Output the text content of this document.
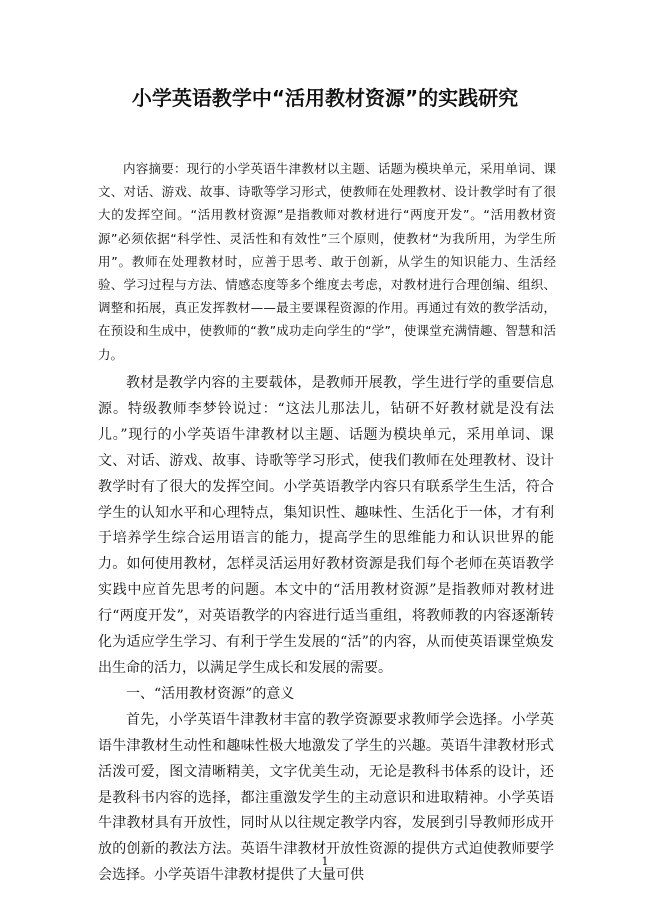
小学英语教学中“活用教材资源”的实践研究

内容摘要：现行的小学英语牛津教材以主题、话题为模块单元，采用单词、课文、对话、游戏、故事、诗歌等学习形式，使教师在处理教材、设计教学时有了很大的发挥空间。“活用教材资源”是指教师对教材进行“两度开发”。“活用教材资源”必须依据“科学性、灵活性和有效性”三个原则，使教材“为我所用，为学生所用”。教师在处理教材时，应善于思考、敢于创新，从学生的知识能力、生活经验、学习过程与方法、情感态度等多个维度去考虑，对教材进行合理创编、组织、调整和拓展，真正发挥教材——最主要课程资源的作用。再通过有效的教学活动，在预设和生成中，使教师的“教”成功走向学生的“学”，使课堂充满情趣、智慧和活力。

教材是教学内容的主要载体，是教师开展教，学生进行学的重要信息源。特级教师李梦铃说过：“这法儿那法儿，钻研不好教材就是没有法儿。”现行的小学英语牛津教材以主题、话题为模块单元，采用单词、课文、对话、游戏、故事、诗歌等学习形式，使我们教师在处理教材、设计教学时有了很大的发挥空间。小学英语教学内容只有联系学生生活，符合学生的认知水平和心理特点，集知识性、趣味性、生活化于一体，才有利于培养学生综合运用语言的能力，提高学生的思维能力和认识世界的能力。如何使用教材，怎样灵活运用好教材资源是我们每个老师在英语教学实践中应首先思考的问题。本文中的“活用教材资源”是指教师对教材进行“两度开发”，对英语教学的内容进行适当重组，将教师教的内容逐渐转化为适应学生学习、有利于学生发展的“活”的内容，从而使英语课堂焕发出生命的活力，以满足学生成长和发展的需要。

一、“活用教材资源”的意义

首先，小学英语牛津教材丰富的教学资源要求教师学会选择。小学英语牛津教材生动性和趣味性极大地激发了学生的兴趣。英语牛津教材形式活泼可爱，图文清晰精美，文字优美生动，无论是教科书体系的设计，还是教科书内容的选择，都注重激发学生的主动意识和进取精神。小学英语牛津教材具有开放性，同时从以往规定教学内容，发展到引导教师形成开放的创新的教法方法。英语牛津教材开放性资源的提供方式迫使教师要学会选择。小学英语牛津教材提供了大量可供

1
